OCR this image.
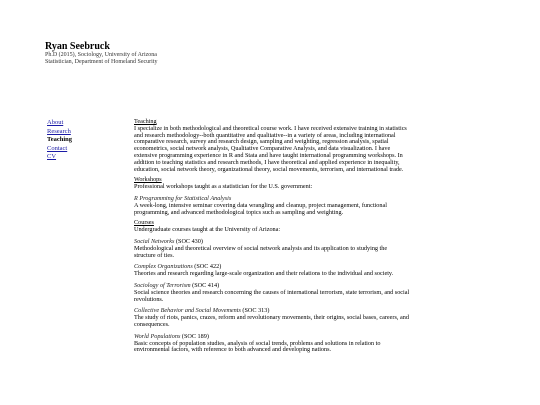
Ryan Seebruck

Ph.D (2015), Sociology, University of Arizona

Statistician, Department of Homeland Security

About
Research
Teaching
Contact
CV

Teaching

I specialize in both methodological and theoretical course work. I have received extensive training in statistics and research methodology--both quantitative and qualitative--in a variety of areas, including international comparative research, survey and research design, sampling and weighting, regression analysis, spatial econometrics, social network analysis, Qualitative Comparative Analysis, and data visualization. I have extensive programming experience in R and Stata and have taught international programming workshops. In addition to teaching statistics and research methods, I have theoretical and applied experience in inequality, education, social network theory, organizational theory, social movements, terrorism, and international trade.

Workshops

Professional workshops taught as a statistician for the U.S. government:

R Programming for Statistical Analysis

A week-long, intensive seminar covering data wrangling and cleanup, project management, functional programming, and advanced methodological topics such as sampling and weighting.

Courses

Undergraduate courses taught at the University of Arizona:

Social Networks (SOC 430)

Methodological and theoretical overview of social network analysis and its application to studying the structure of ties.

Complex Organizations (SOC 422)

Theories and research regarding large-scale organization and their relations to the individual and society.

Sociology of Terrorism (SOC 414)

Social science theories and research concerning the causes of international terrorism, state terrorism, and social revolutions.

Collective Behavior and Social Movements (SOC 313)

The study of riots, panics, crazes, reform and revolutionary movements, their origins, social bases, careers, and consequences.

World Populations (SOC 189)

Basic concepts of population studies, analysis of social trends, problems and solutions in relation to environmental factors, with reference to both advanced and developing nations.
